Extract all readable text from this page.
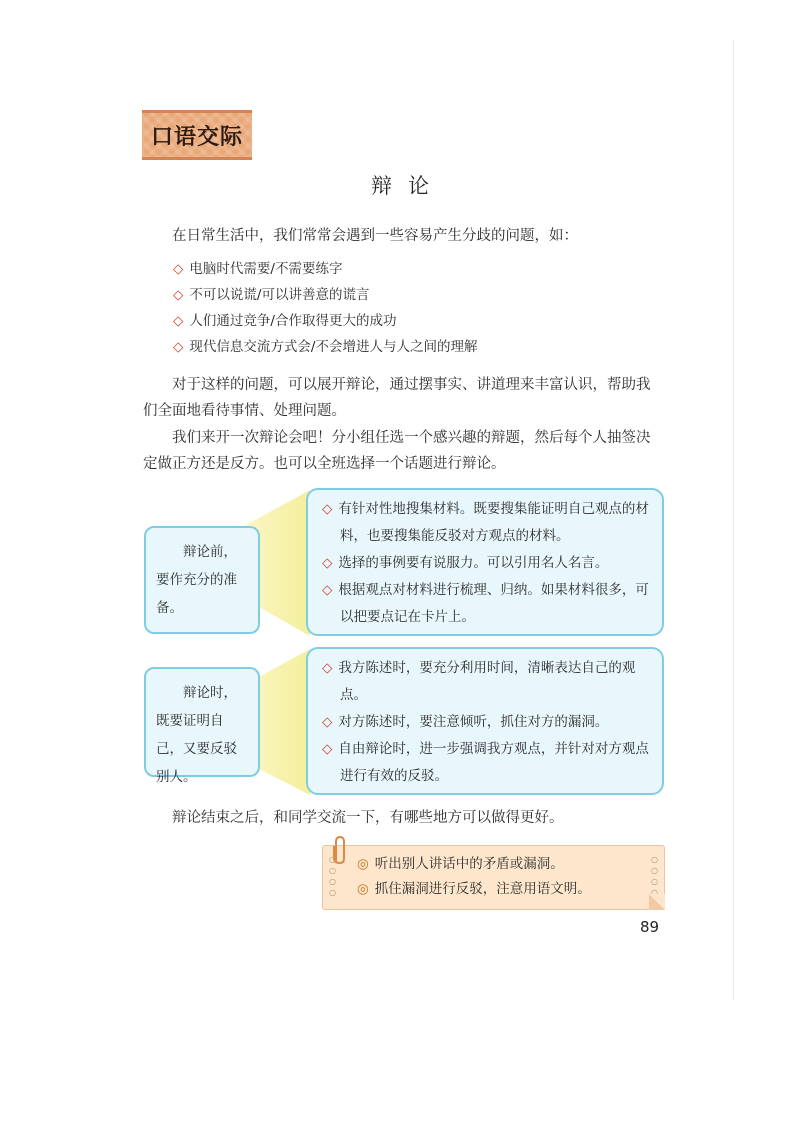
口语交际
辩论
在日常生活中，我们常常会遇到一些容易产生分歧的问题，如：
◇ 电脑时代需要/不需要练字
◇ 不可以说谎/可以讲善意的谎言
◇ 人们通过竞争/合作取得更大的成功
◇ 现代信息交流方式会/不会增进人与人之间的理解
对于这样的问题，可以展开辩论，通过摆事实、讲道理来丰富认识，帮助我们全面地看待事情、处理问题。
我们来开一次辩论会吧！分小组任选一个感兴趣的辩题，然后每个人抽签决定做正方还是反方。也可以全班选择一个话题进行辩论。
辩论前，要作充分的准备。
◇ 有针对性地搜集材料。既要搜集能证明自己观点的材料，也要搜集能反驳对方观点的材料。
◇ 选择的事例要有说服力。可以引用名人名言。
◇ 根据观点对材料进行梳理、归纳。如果材料很多，可以把要点记在卡片上。
辩论时，既要证明自己，又要反驳别人。
◇ 我方陈述时，要充分利用时间，清晰表达自己的观点。
◇ 对方陈述时，要注意倾听，抓住对方的漏洞。
◇ 自由辩论时，进一步强调我方观点，并针对对方观点进行有效的反驳。
辩论结束之后，和同学交流一下，有哪些地方可以做得更好。
○
○
○
○
○
○
○
○
◎ 听出别人讲话中的矛盾或漏洞。
◎ 抓住漏洞进行反驳，注意用语文明。
89
